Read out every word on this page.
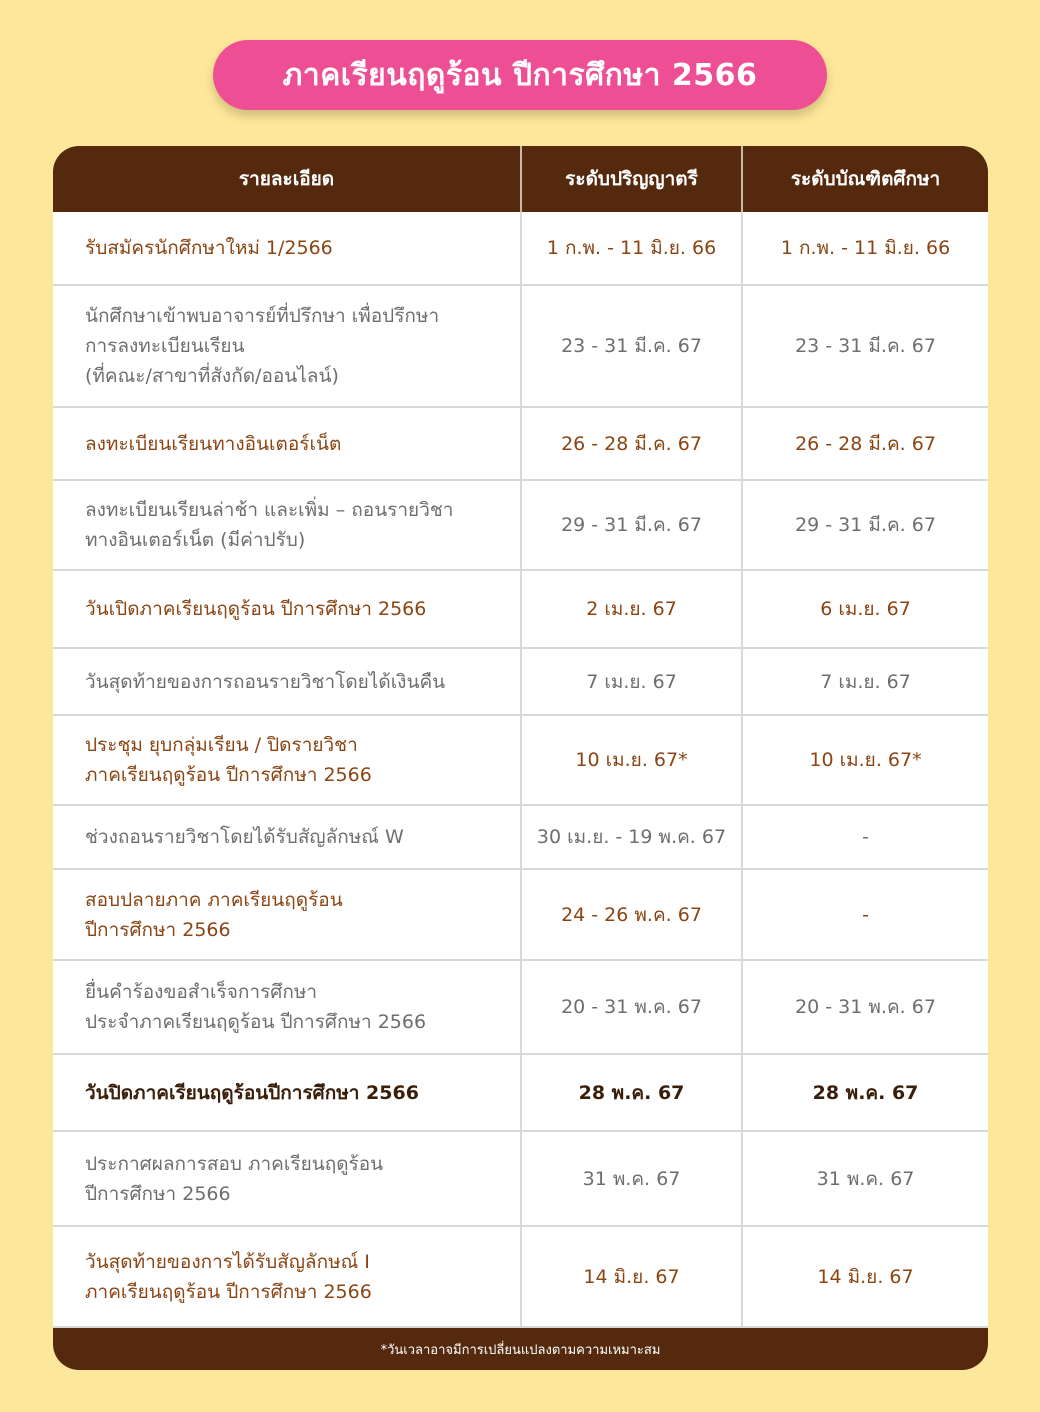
ภาคเรียนฤดูร้อน ปีการศึกษา 2566
รายละเอียด	ระดับปริญญาตรี	ระดับบัณฑิตศึกษา
รับสมัครนักศึกษาใหม่ 1/2566	1 ก.พ. - 11 มิ.ย. 66	1 ก.พ. - 11 มิ.ย. 66
นักศึกษาเข้าพบอาจารย์ที่ปรึกษา เพื่อปรึกษา
การลงทะเบียนเรียน
(ที่คณะ/สาขาที่สังกัด/ออนไลน์)
23 - 31 มี.ค. 67	23 - 31 มี.ค. 67
ลงทะเบียนเรียนทางอินเตอร์เน็ต	26 - 28 มี.ค. 67	26 - 28 มี.ค. 67
ลงทะเบียนเรียนล่าช้า และเพิ่ม – ถอนรายวิชา
ทางอินเตอร์เน็ต (มีค่าปรับ)
29 - 31 มี.ค. 67	29 - 31 มี.ค. 67
วันเปิดภาคเรียนฤดูร้อน ปีการศึกษา 2566	2 เม.ย. 67	6 เม.ย. 67
วันสุดท้ายของการถอนรายวิชาโดยได้เงินคืน	7 เม.ย. 67	7 เม.ย. 67
ประชุม ยุบกลุ่มเรียน / ปิดรายวิชา
ภาคเรียนฤดูร้อน ปีการศึกษา 2566
10 เม.ย. 67*	10 เม.ย. 67*
ช่วงถอนรายวิชาโดยได้รับสัญลักษณ์ W	30 เม.ย. - 19 พ.ค. 67	-
สอบปลายภาค ภาคเรียนฤดูร้อน
ปีการศึกษา 2566
24 - 26 พ.ค. 67	-
ยื่นคำร้องขอสำเร็จการศึกษา
ประจำภาคเรียนฤดูร้อน ปีการศึกษา 2566
20 - 31 พ.ค. 67	20 - 31 พ.ค. 67
วันปิดภาคเรียนฤดูร้อนปีการศึกษา 2566	28 พ.ค. 67	28 พ.ค. 67
ประกาศผลการสอบ ภาคเรียนฤดูร้อน
ปีการศึกษา 2566
31 พ.ค. 67	31 พ.ค. 67
วันสุดท้ายของการได้รับสัญลักษณ์ I
ภาคเรียนฤดูร้อน ปีการศึกษา 2566
14 มิ.ย. 67	14 มิ.ย. 67
*วันเวลาอาจมีการเปลี่ยนแปลงตามความเหมาะสม
